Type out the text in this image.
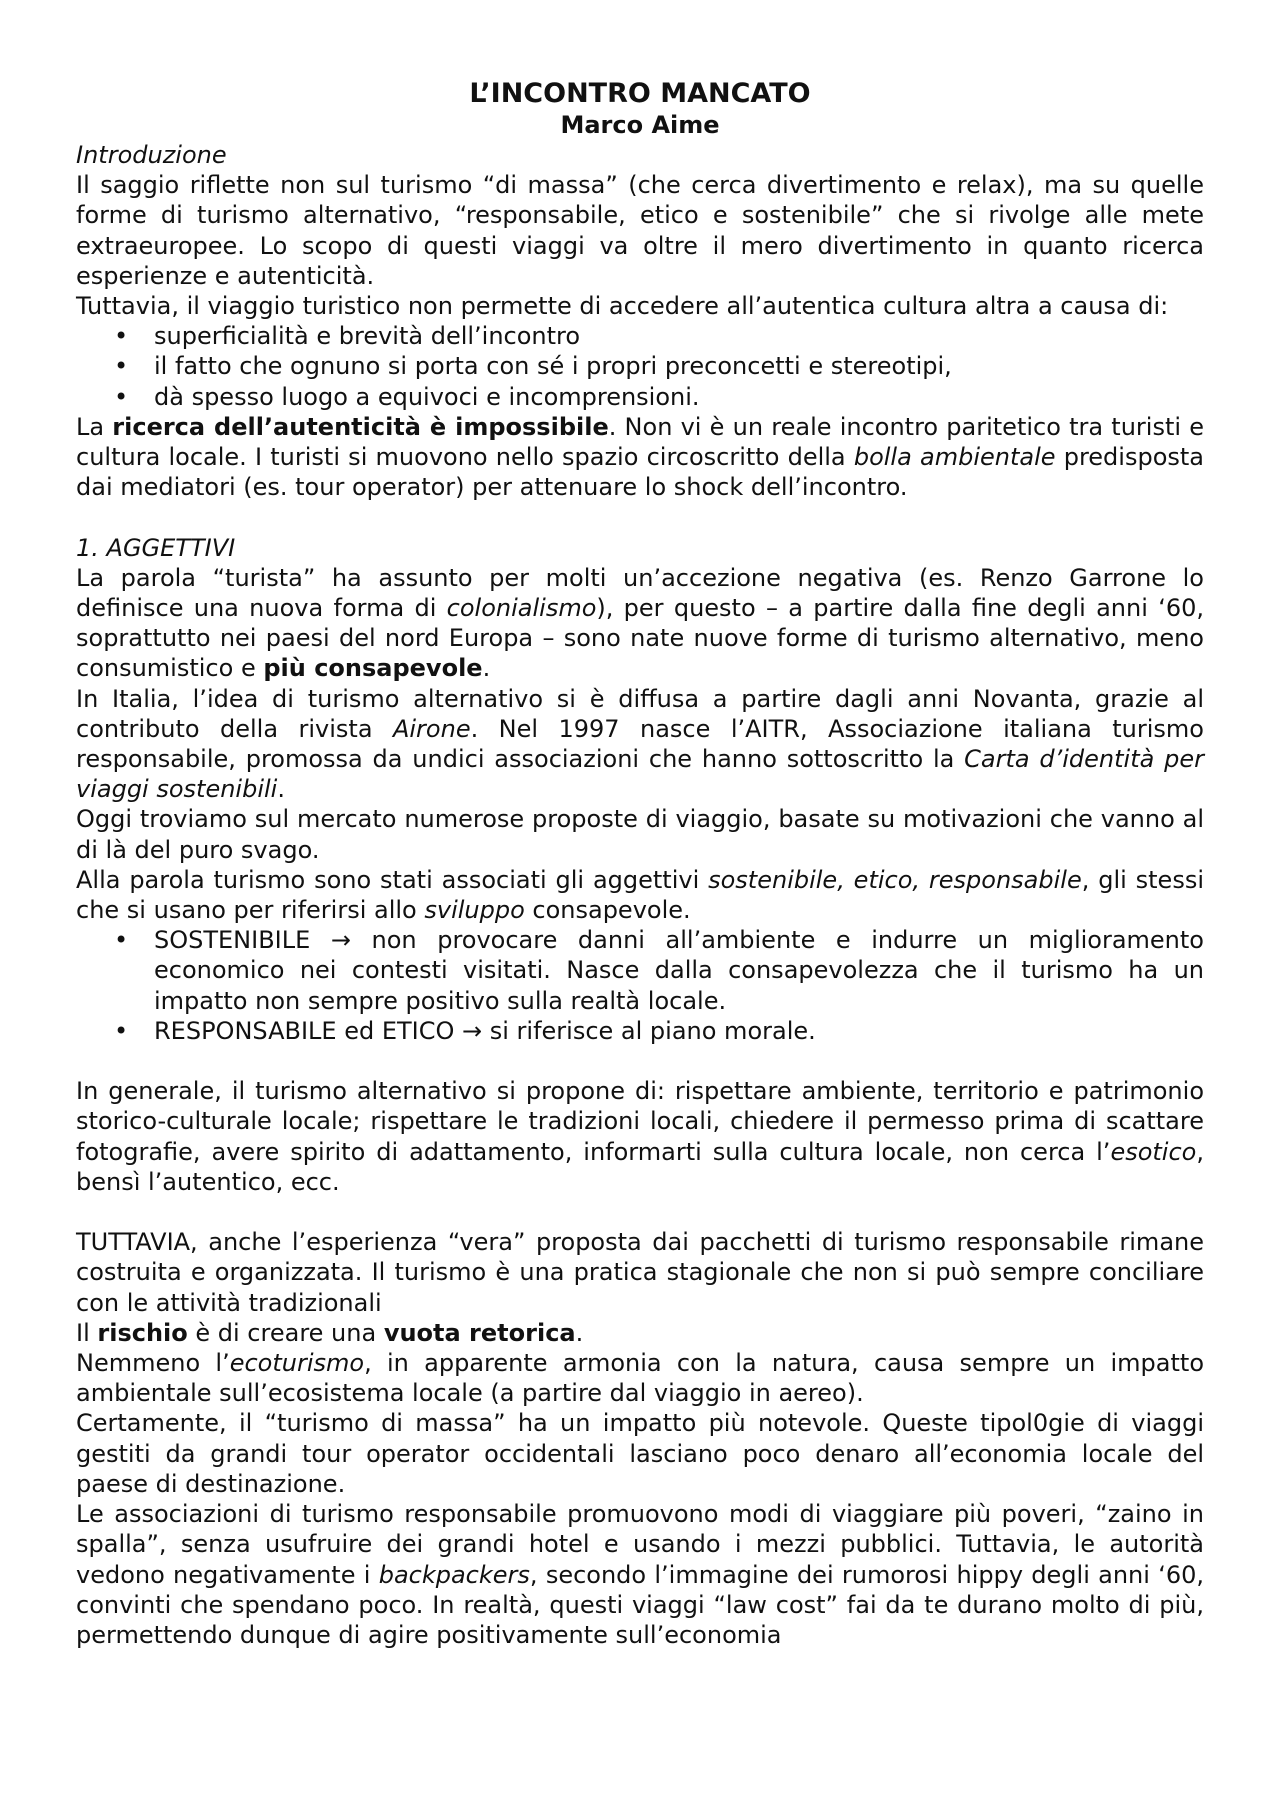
L’INCONTRO MANCATO
Marco Aime

Introduzione

Il saggio riflette non sul turismo “di massa” (che cerca divertimento e relax), ma su quelle forme di turismo alternativo, “responsabile, etico e sostenibile” che si rivolge alle mete extraeuropee. Lo scopo di questi viaggi va oltre il mero divertimento in quanto ricerca esperienze e autenticità.

Tuttavia, il viaggio turistico non permette di accedere all’autentica cultura altra a causa di:

• superficialità e brevità dell’incontro
• il fatto che ognuno si porta con sé i propri preconcetti e stereotipi,
• dà spesso luogo a equivoci e incomprensioni.

La ricerca dell’autenticità è impossibile. Non vi è un reale incontro paritetico tra turisti e cultura locale. I turisti si muovono nello spazio circoscritto della bolla ambientale predisposta dai mediatori (es. tour operator) per attenuare lo shock dell’incontro.

1. AGGETTIVI

La parola “turista” ha assunto per molti un’accezione negativa (es. Renzo Garrone lo definisce una nuova forma di colonialismo), per questo – a partire dalla fine degli anni ‘60, soprattutto nei paesi del nord Europa – sono nate nuove forme di turismo alternativo, meno consumistico e più consapevole.

In Italia, l’idea di turismo alternativo si è diffusa a partire dagli anni Novanta, grazie al contributo della rivista Airone. Nel 1997 nasce l’AITR, Associazione italiana turismo responsabile, promossa da undici associazioni che hanno sottoscritto la Carta d’identità per viaggi sostenibili.

Oggi troviamo sul mercato numerose proposte di viaggio, basate su motivazioni che vanno al di là del puro svago.

Alla parola turismo sono stati associati gli aggettivi sostenibile, etico, responsabile, gli stessi che si usano per riferirsi allo sviluppo consapevole.

• SOSTENIBILE → non provocare danni all’ambiente e indurre un miglioramento economico nei contesti visitati. Nasce dalla consapevolezza che il turismo ha un impatto non sempre positivo sulla realtà locale.
• RESPONSABILE ed ETICO → si riferisce al piano morale.

In generale, il turismo alternativo si propone di: rispettare ambiente, territorio e patrimonio storico-culturale locale; rispettare le tradizioni locali, chiedere il permesso prima di scattare fotografie, avere spirito di adattamento, informarti sulla cultura locale, non cerca l’esotico, bensì l’autentico, ecc.

TUTTAVIA, anche l’esperienza “vera” proposta dai pacchetti di turismo responsabile rimane costruita e organizzata. Il turismo è una pratica stagionale che non si può sempre conciliare con le attività tradizionali

Il rischio è di creare una vuota retorica.

Nemmeno l’ecoturismo, in apparente armonia con la natura, causa sempre un impatto ambientale sull’ecosistema locale (a partire dal viaggio in aereo).

Certamente, il “turismo di massa” ha un impatto più notevole. Queste tipol0gie di viaggi gestiti da grandi tour operator occidentali lasciano poco denaro all’economia locale del paese di destinazione.

Le associazioni di turismo responsabile promuovono modi di viaggiare più poveri, “zaino in spalla”, senza usufruire dei grandi hotel e usando i mezzi pubblici. Tuttavia, le autorità vedono negativamente i backpackers, secondo l’immagine dei rumorosi hippy degli anni ‘60, convinti che spendano poco. In realtà, questi viaggi “law cost” fai da te durano molto di più, permettendo dunque di agire positivamente sull’economia
